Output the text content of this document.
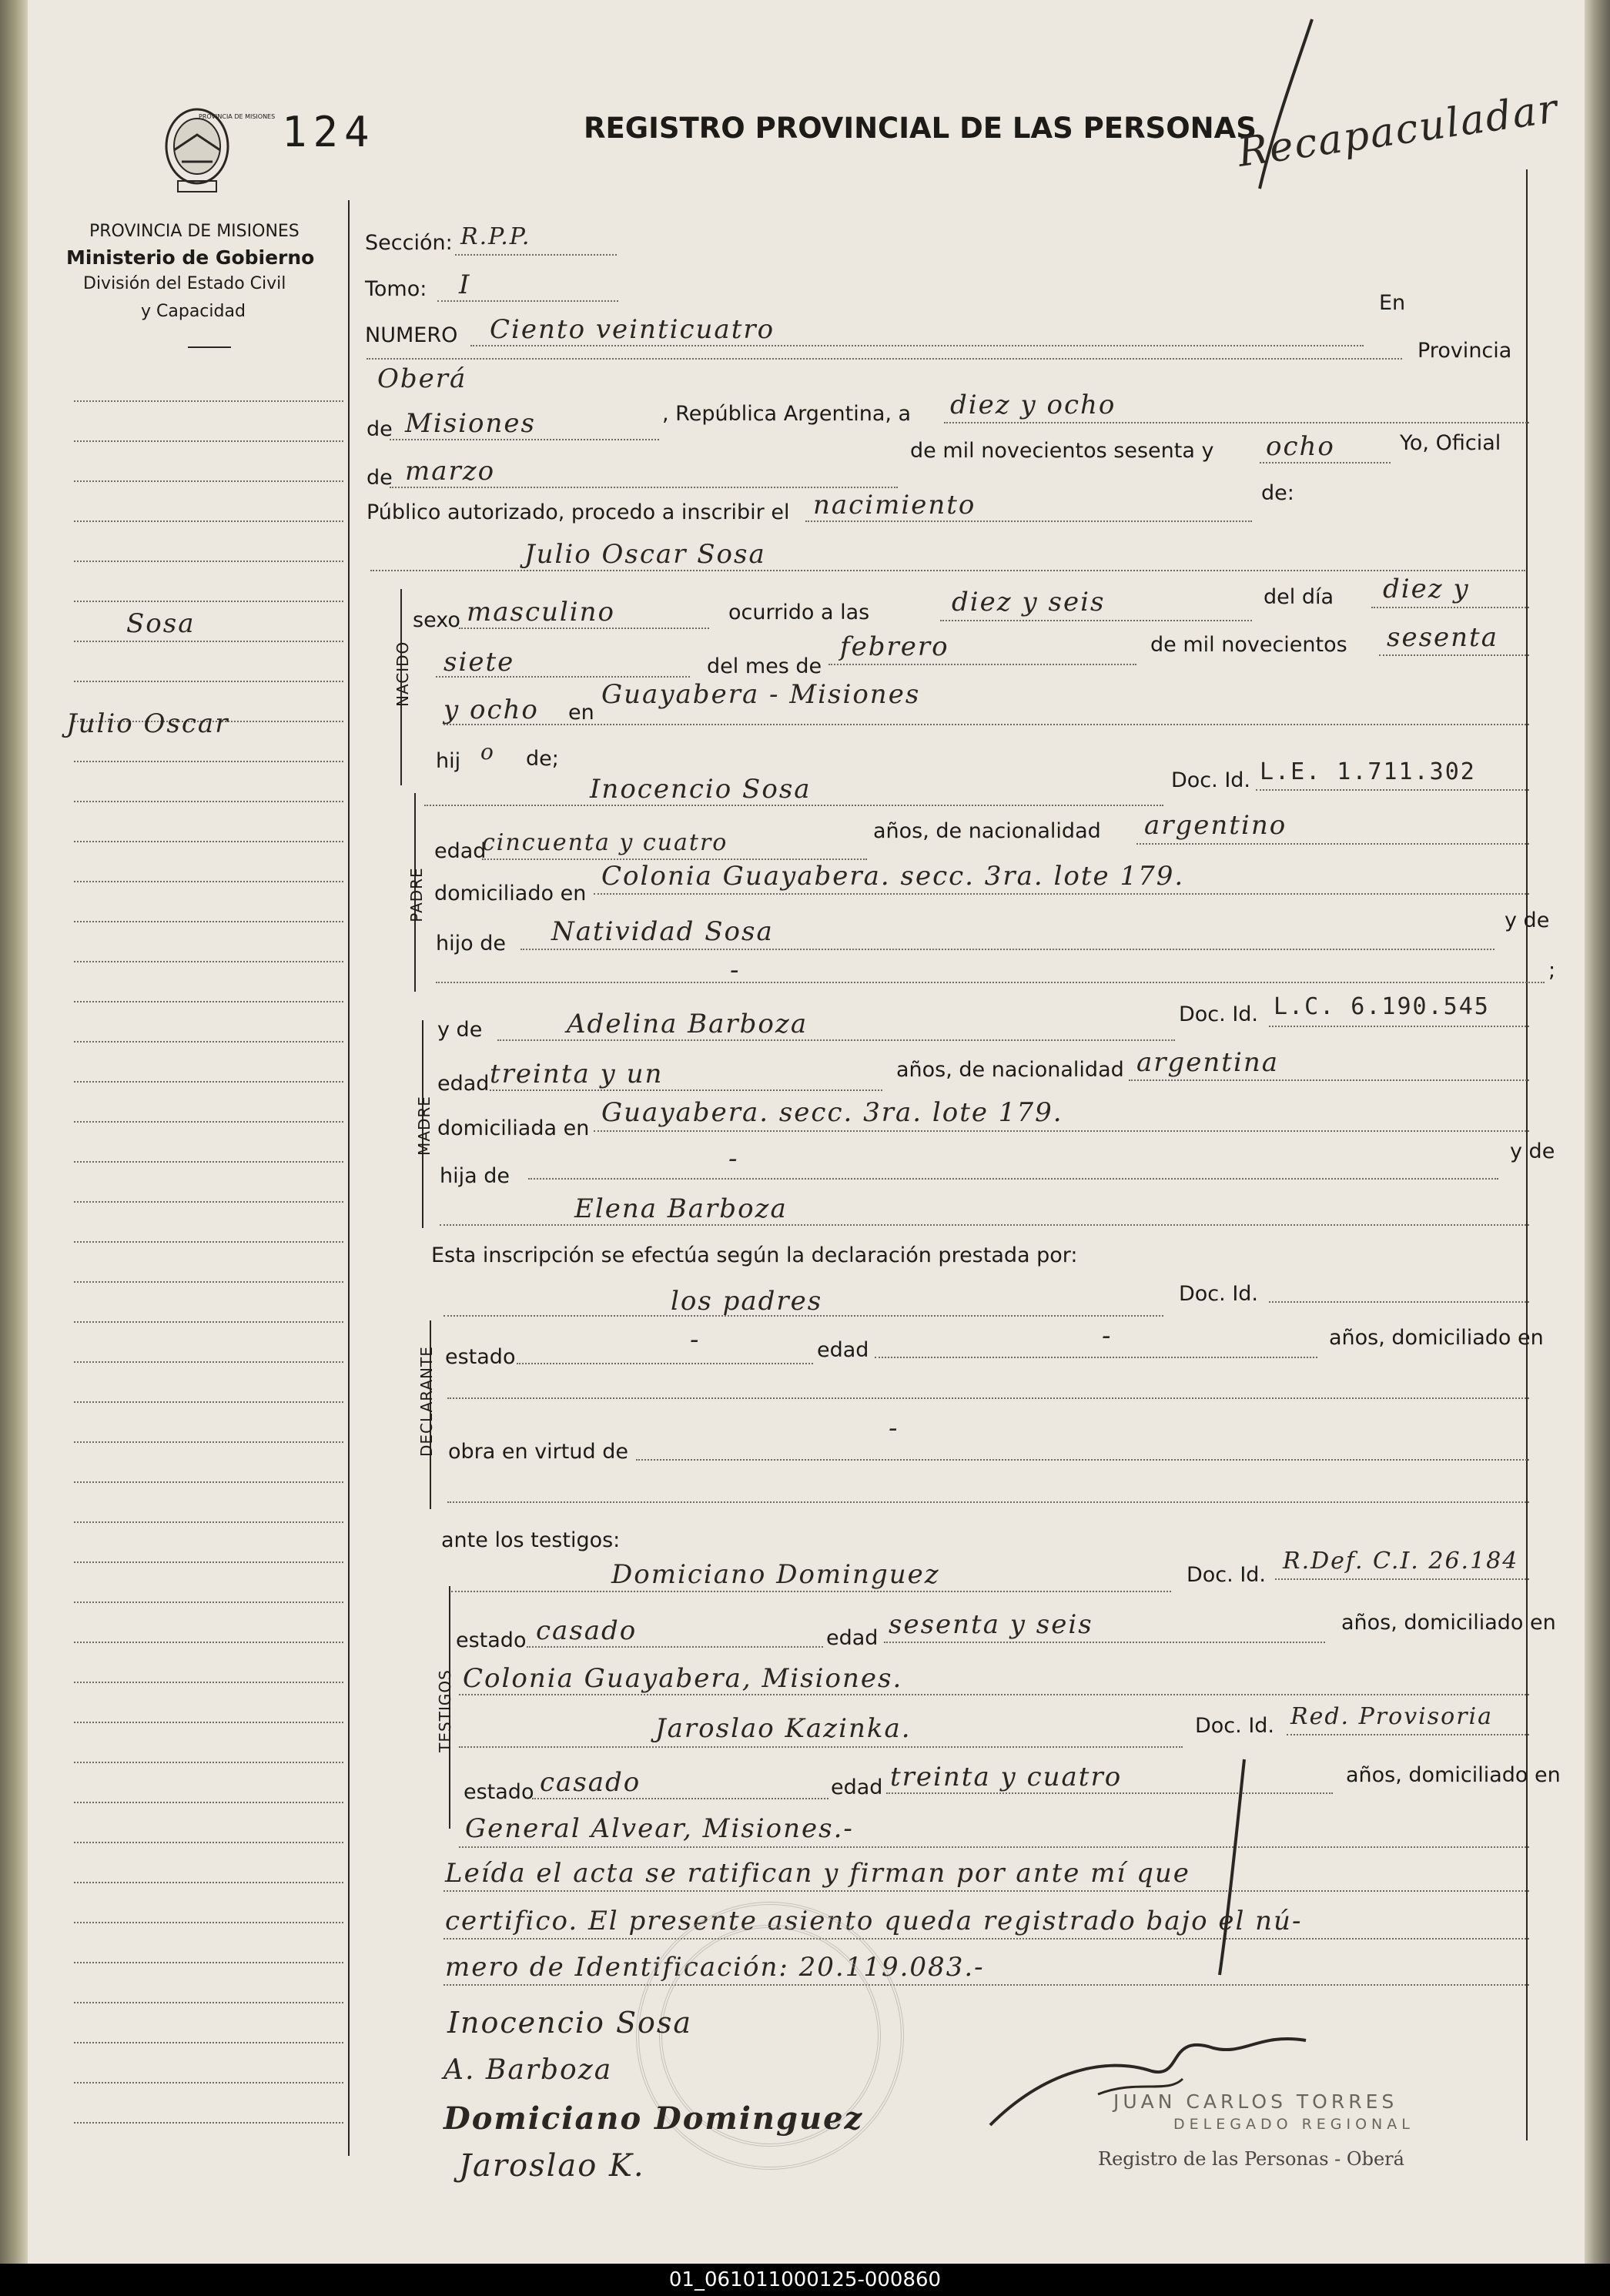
PROVINCIA DE MISIONES 124	REGISTRO PROVINCIAL DE LAS PERSONAS
Recapaculadar
PROVINCIA DE MISIONES
Ministerio de Gobierno
División del Estado Civil
y Capacidad
Sosa
Julio Oscar
Sección: R.P.P.
Tomo: I
NUMERO Ciento veinticuatro
En
Oberá
Provincia
de Misiones	, República Argentina, a diez y ocho
de mil novecientos sesenta y ocho	Yo, Oficial
de marzo
Público autorizado, procedo a inscribir el nacimiento	de:
Julio Oscar Sosa
NACIDO
sexo masculino	ocurrido a las	diez y seis	del día diez y
siete	del mes de
febrero	de mil novecientos sesenta
y ocho en
Guayabera - Misiones
hij o de;
PADRE
Inocencio Sosa	Doc. Id. L.E. 1.711.302
edad
cincuenta y cuatro	años, de nacionalidad argentino
domiciliado en
Colonia Guayabera. secc. 3ra. lote 179.
hijo de Natividad Sosa	y de
-	;
MADRE
y de	Adelina Barboza	Doc. Id. L.C. 6.190.545
edad treinta y un	años, de nacionalidad argentina
domiciliada en
Guayabera. secc. 3ra. lote 179.
hija de
-	y de
Elena Barboza
Esta inscripción se efectúa según la declaración prestada por:
DECLARANTE
los padres	Doc. Id.
estado
-	edad	-	años, domiciliado en
obra en virtud de
-
ante los testigos:
TESTIGOS
Domiciano Dominguez	Doc. Id.
R.Def. C.I. 26.184
estado casado	edad sesenta y seis	años, domiciliado en
Colonia Guayabera, Misiones.
Jaroslao Kazinka.	Doc. Id. Red. Provisoria
estado casado	edad treinta y cuatro	años, domiciliado en
General Alvear, Misiones.-
Leída el acta se ratifican y firman por ante mí que
certifico. El presente asiento queda registrado bajo el nú-
mero de Identificación: 20.119.083.-
Inocencio Sosa
A. Barboza
Domiciano Dominguez
Jaroslao K.
JUAN CARLOS TORRES
DELEGADO REGIONAL
Registro de las Personas - Oberá
01_061011000125-000860
